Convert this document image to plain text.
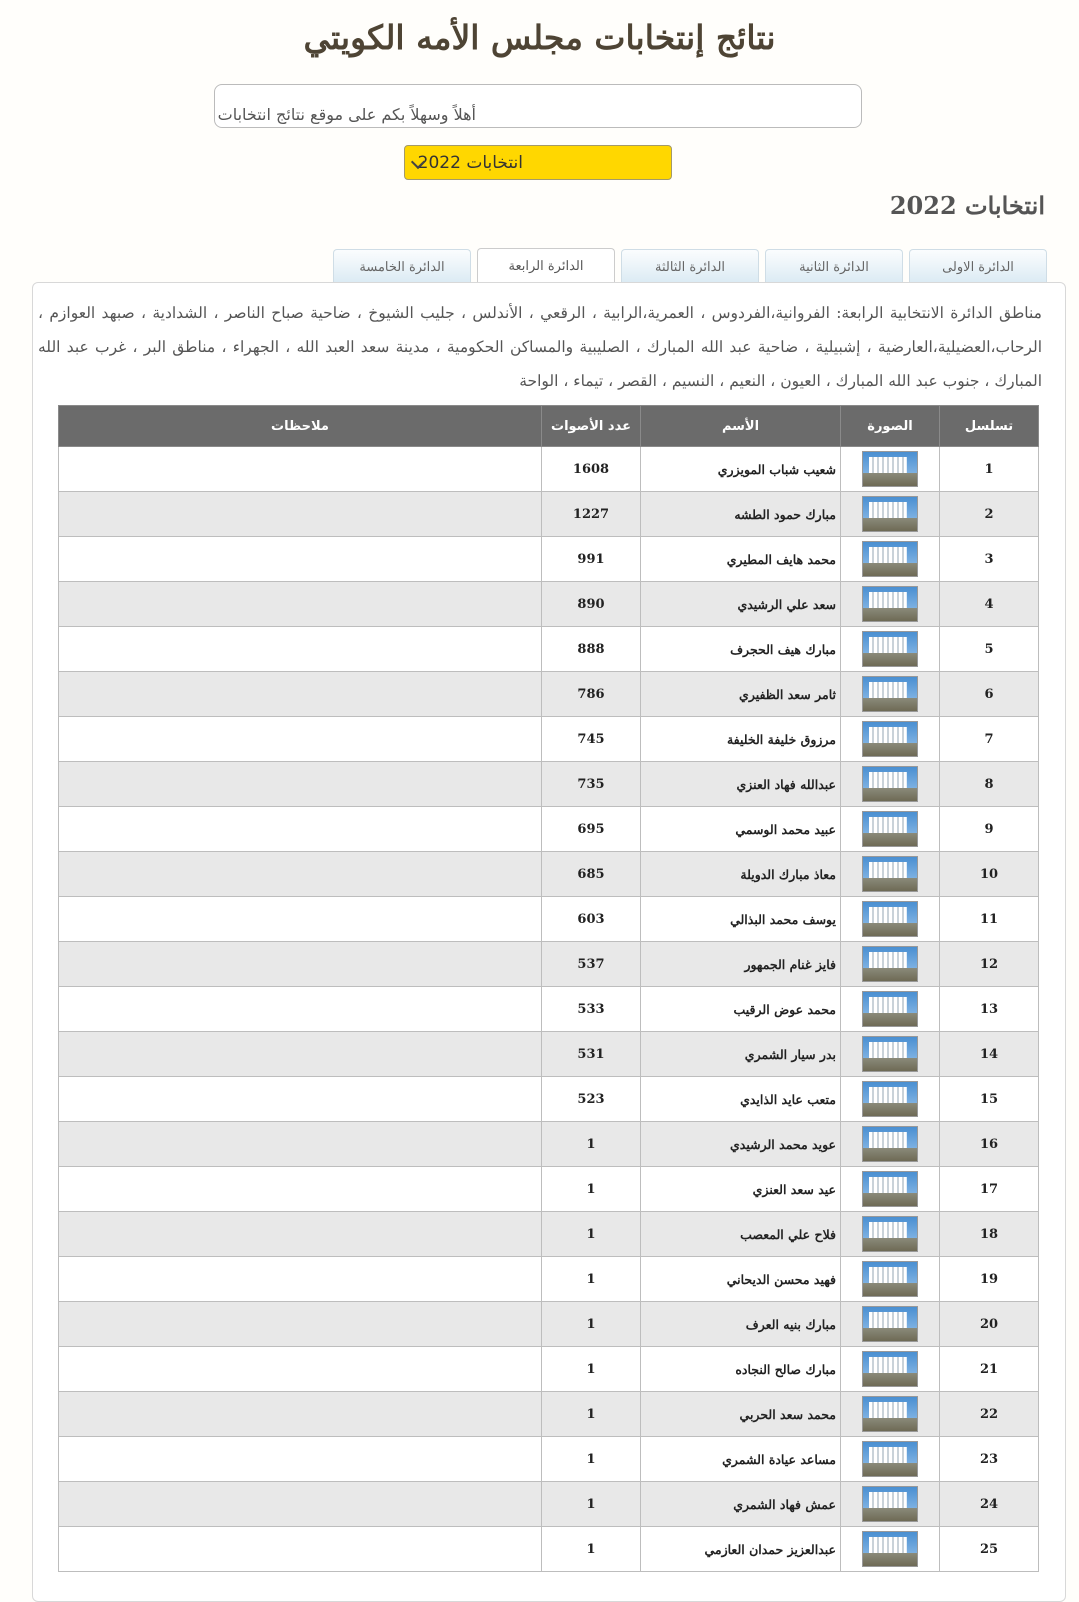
نتائج إنتخابات مجلس الأمه الكويتي
أهلاً وسهلاً بكم على موقع نتائج انتخابات
انتخابات 2022
انتخابات 2022
الدائرة الاولى
الدائرة الثانية
الدائرة الثالثة
الدائرة الرابعة
الدائرة الخامسة
مناطق الدائرة الانتخابية الرابعة: الفروانية،الفردوس ، العمرية،الرابية ، الرقعي ، الأندلس ، جليب الشيوخ ، ضاحية صباح الناصر ، الشدادية ، صبهد العوازم ، الرحاب،العضيلية،العارضية ، إشبيلية ، ضاحية عبد الله المبارك ، الصليبية والمساكن الحكومية ، مدينة سعد العبد الله ، الجهراء ، مناطق البر ، غرب عبد الله المبارك ، جنوب عبد الله المبارك ، العيون ، النعيم ، النسيم ، القصر ، تيماء ، الواحة
تسلسل	الصورة	الأسم	عدد الأصوات	ملاحظات
1		شعيب شباب المويزري	1608	
2		مبارك حمود الطشه	1227	
3		محمد هايف المطيري	991	
4		سعد علي الرشيدي	890	
5		مبارك هيف الحجرف	888	
6		ثامر سعد الظفيري	786	
7		مرزوق خليفة الخليفة	745	
8		عبدالله فهاد العنزي	735	
9		عبيد محمد الوسمي	695	
10		معاذ مبارك الدويلة	685	
11		يوسف محمد البذالي	603	
12		فايز غنام الجمهور	537	
13		محمد عوض الرقيب	533	
14		بدر سيار الشمري	531	
15		متعب عايد الذايدي	523	
16		عويد محمد الرشيدي	1	
17		عيد سعد العنزي	1	
18		فلاح علي المعصب	1	
19		فهيد محسن الديحاني	1	
20		مبارك بنيه العرف	1	
21		مبارك صالح النجاده	1	
22		محمد سعد الحربي	1	
23		مساعد عيادة الشمري	1	
24		عمش فهاد الشمري	1	
25		عبدالعزيز حمدان العازمي	1	
